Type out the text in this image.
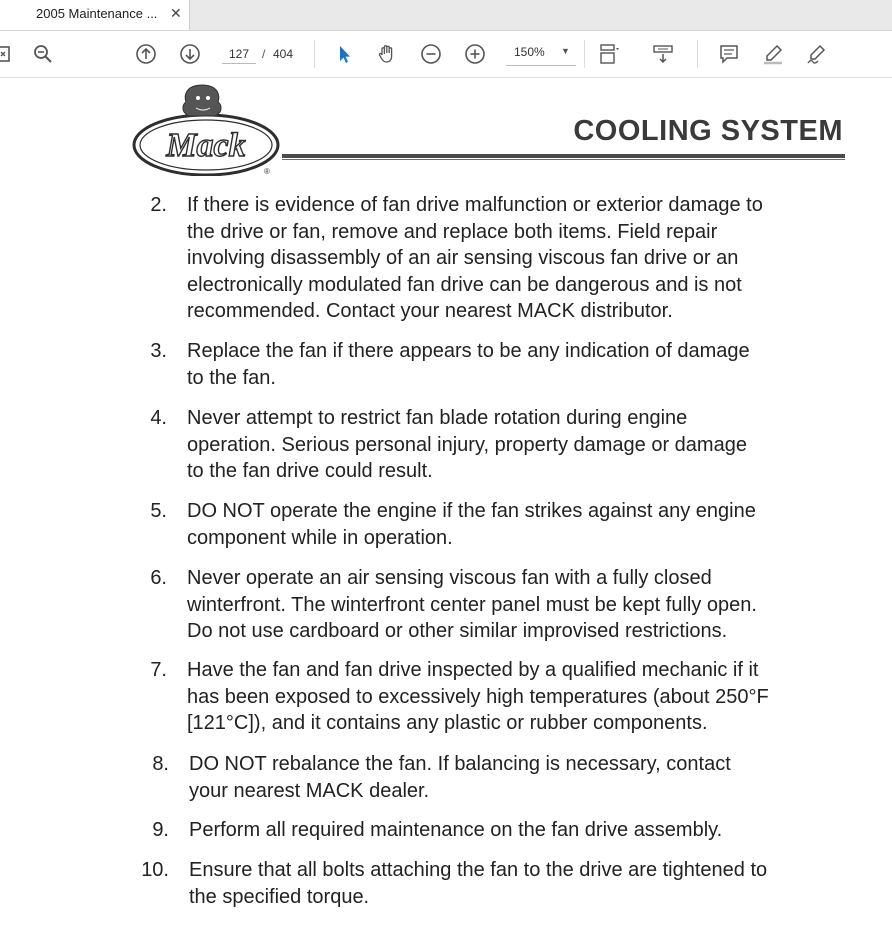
2005 Maintenance ... ✕
127	/ 404	150% ▼
Mack
®
COOLING SYSTEM
2. If there is evidence of fan drive malfunction or exterior damage to
the drive or fan, remove and replace both items. Field repair
involving disassembly of an air sensing viscous fan drive or an
electronically modulated fan drive can be dangerous and is not
recommended. Contact your nearest MACK distributor.
3. Replace the fan if there appears to be any indication of damage
to the fan.
4. Never attempt to restrict fan blade rotation during engine
operation. Serious personal injury, property damage or damage
to the fan drive could result.
5. DO NOT operate the engine if the fan strikes against any engine
component while in operation.
6. Never operate an air sensing viscous fan with a fully closed
winterfront. The winterfront center panel must be kept fully open.
Do not use cardboard or other similar improvised restrictions.
7. Have the fan and fan drive inspected by a qualified mechanic if it
has been exposed to excessively high temperatures (about 250°F
[121°C]), and it contains any plastic or rubber components.
8. DO NOT rebalance the fan. If balancing is necessary, contact
your nearest MACK dealer.
9. Perform all required maintenance on the fan drive assembly.
10. Ensure that all bolts attaching the fan to the drive are tightened to
the specified torque.
